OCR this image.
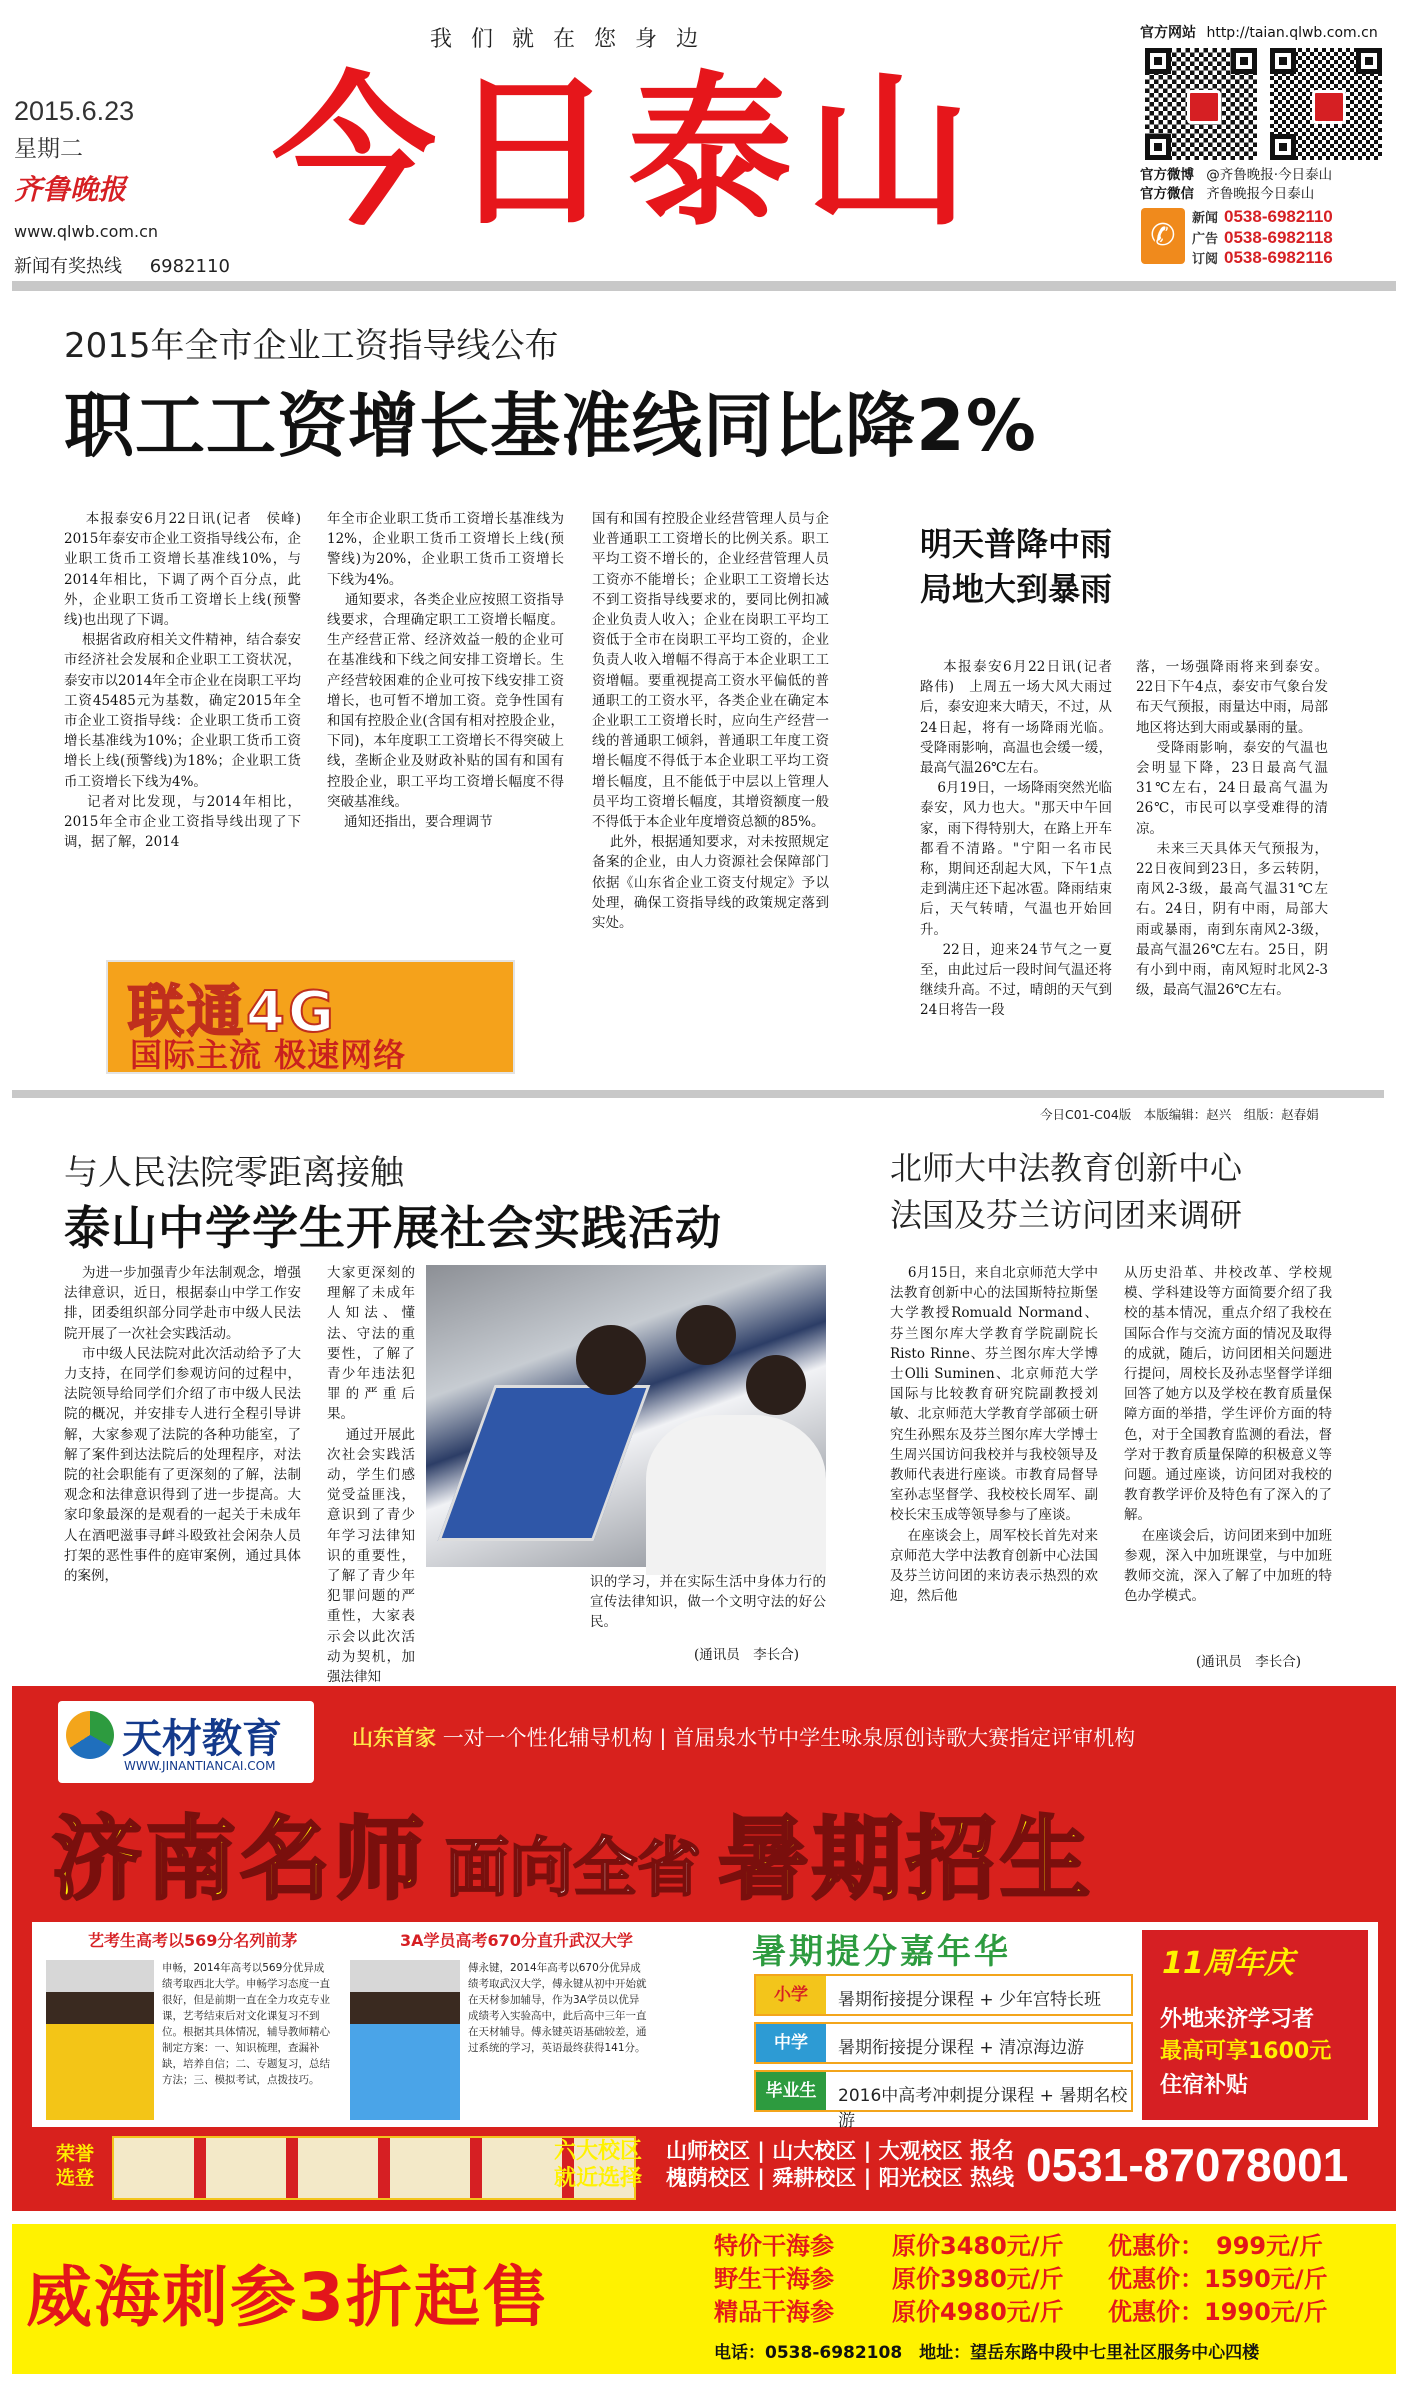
我 们 就 在 您 身 边
2015.6.23
星期二
齐鲁晚报
www.qlwb.com.cn
新闻有奖热线 6982110
今日泰山
官方网站 http://taian.qlwb.com.cn
官方微博 @齐鲁晚报·今日泰山
官方微信 齐鲁晚报今日泰山
✆
新闻 0538-6982110
广告 0538-6982118
订阅 0538-6982116
2015年全市企业工资指导线公布
职工工资增长基准线同比降2%
本报泰安6月22日讯(记者　侯峰)　2015年泰安市企业工资指导线公布，企业职工货币工资增长基准线10%，与2014年相比，下调了两个百分点，此外，企业职工货币工资增长上线(预警线)也出现了下调。
根据省政府相关文件精神，结合泰安市经济社会发展和企业职工工资状况，泰安市以2014年全市企业在岗职工平均工资45485元为基数，确定2015年全市企业工资指导线：企业职工货币工资增长基准线为10%；企业职工货币工资增长上线(预警线)为18%；企业职工货币工资增长下线为4%。
记者对比发现，与2014年相比，2015年全市企业工资指导线出现了下调，据了解，2014
年全市企业职工货币工资增长基准线为12%，企业职工货币工资增长上线(预警线)为20%，企业职工货币工资增长下线为4%。
通知要求，各类企业应按照工资指导线要求，合理确定职工工资增长幅度。生产经营正常、经济效益一般的企业可在基准线和下线之间安排工资增长。生产经营较困难的企业可按下线安排工资增长，也可暂不增加工资。竞争性国有和国有控股企业(含国有相对控股企业，下同)，本年度职工工资增长不得突破上线，垄断企业及财政补贴的国有和国有控股企业，职工平均工资增长幅度不得突破基准线。
通知还指出，要合理调节
国有和国有控股企业经营管理人员与企业普通职工工资增长的比例关系。职工平均工资不增长的，企业经营管理人员工资亦不能增长；企业职工工资增长达不到工资指导线要求的，要同比例扣减企业负责人收入；企业在岗职工平均工资低于全市在岗职工平均工资的，企业负责人收入增幅不得高于本企业职工工资增幅。要重视提高工资水平偏低的普通职工的工资水平，各类企业在确定本企业职工工资增长时，应向生产经营一线的普通职工倾斜，普通职工年度工资增长幅度不得低于本企业职工平均工资增长幅度，且不能低于中层以上管理人员平均工资增长幅度，其增资额度一般不得低于本企业年度增资总额的85%。
此外，根据通知要求，对未按照规定备案的企业，由人力资源社会保障部门依据《山东省企业工资支付规定》予以处理，确保工资指导线的政策规定落到实处。
联通4G
国际主流 极速网络
明天普降中雨
局地大到暴雨
本报泰安6月22日讯(记者　路伟)　上周五一场大风大雨过后，泰安迎来大晴天，不过，从24日起，将有一场降雨光临。受降雨影响，高温也会缓一缓，最高气温26℃左右。
6月19日，一场降雨突然光临泰安，风力也大。"那天中午回家，雨下得特别大，在路上开车都看不清路。"宁阳一名市民称，期间还刮起大风，下午1点走到满庄还下起冰雹。降雨结束后，天气转晴，气温也开始回升。
22日，迎来24节气之一夏至，由此过后一段时间气温还将继续升高。不过，晴朗的天气到24日将告一段
落，一场强降雨将来到泰安。22日下午4点，泰安市气象台发布天气预报，雨量达中雨，局部地区将达到大雨或暴雨的量。
受降雨影响，泰安的气温也会明显下降，23日最高气温31℃左右，24日最高气温为26℃，市民可以享受难得的清凉。
未来三天具体天气预报为，22日夜间到23日，多云转阴，南风2-3级，最高气温31℃左右。24日，阴有中雨，局部大雨或暴雨，南到东南风2-3级，最高气温26℃左右。25日，阴有小到中雨，南风短时北风2-3级，最高气温26℃左右。
今日C01-C04版　本版编辑：赵兴　组版：赵春娟
与人民法院零距离接触
泰山中学学生开展社会实践活动
为进一步加强青少年法制观念，增强法律意识，近日，根据泰山中学工作安排，团委组织部分同学赴市中级人民法院开展了一次社会实践活动。
市中级人民法院对此次活动给予了大力支持，在同学们参观访问的过程中，法院领导给同学们介绍了市中级人民法院的概况，并安排专人进行全程引导讲解，大家参观了法院的各种功能室，了解了案件到达法院后的处理程序，对法院的社会职能有了更深刻的了解，法制观念和法律意识得到了进一步提高。大家印象最深的是观看的一起关于未成年人在酒吧滋事寻衅斗殴致社会闲杂人员打架的恶性事件的庭审案例，通过具体的案例，
大家更深刻的理解了未成年人知法、懂法、守法的重要性，了解了青少年违法犯罪的严重后果。
通过开展此次社会实践活动，学生们感觉受益匪浅，意识到了青少年学习法律知识的重要性，了解了青少年犯罪问题的严重性，大家表示会以此次活动为契机，加强法律知
识的学习，并在实际生活中身体力行的宣传法律知识，做一个文明守法的好公民。
(通讯员　李长合)
北师大中法教育创新中心
法国及芬兰访问团来调研
6月15日，来自北京师范大学中法教育创新中心的法国斯特拉斯堡大学教授Romuald Normand、芬兰图尔库大学教育学院副院长Risto Rinne、芬兰图尔库大学博士Olli Suminen、北京师范大学国际与比较教育研究院副教授刘敏、北京师范大学教育学部硕士研究生孙熙东及芬兰图尔库大学博士生周兴国访问我校并与我校领导及教师代表进行座谈。市教育局督导室孙志坚督学、我校校长周军、副校长宋玉成等领导参与了座谈。
在座谈会上，周军校长首先对来京师范大学中法教育创新中心法国及芬兰访问团的来访表示热烈的欢迎，然后他
从历史沿革、井校改革、学校规模、学科建设等方面简要介绍了我校的基本情况，重点介绍了我校在国际合作与交流方面的情况及取得的成就，随后，访问团相关问题进行提问，周校长及孙志坚督学详细回答了她方以及学校在教育质量保障方面的举措，学生评价方面的特色，对于全国教育监测的看法，督学对于教育质量保障的积极意义等问题。通过座谈，访问团对我校的教育教学评价及特色有了深入的了解。
在座谈会后，访问团来到中加班参观，深入中加班课堂，与中加班教师交流，深入了解了中加班的特色办学模式。
(通讯员　李长合)
天材教育
WWW.JINANTIANCAI.COM
山东首家 一对一个性化辅导机构 | 首届泉水节中学生咏泉原创诗歌大赛指定评审机构
济南名师 面向全省 暑期招生
艺考生高考以569分名列前茅
申畅，2014年高考以569分优异成绩考取西北大学。申畅学习态度一直很好，但是前期一直在全力攻克专业课，艺考结束后对文化课复习不到位。根据其具体情况，辅导教师精心制定方案：一、知识梳理，查漏补缺，培养自信；二、专题复习，总结方法；三、模拟考试，点拨技巧。
3A学员高考670分直升武汉大学
傅永键，2014年高考以670分优异成绩考取武汉大学，傅永键从初中开始就在天材参加辅导，作为3A学员以优异成绩考入实验高中，此后高中三年一直在天材辅导。傅永键英语基础较差，通过系统的学习，英语最终获得141分。
暑期提分嘉年华
小学	暑期衔接提分课程 + 少年宫特长班
中学	暑期衔接提分课程 + 清凉海边游
毕业生	2016中高考冲刺提分课程 + 暑期名校游
11周年庆
外地来济学习者
最高可享1600元
住宿补贴
荣誉选登
六大校区
就近选择
山师校区 | 山大校区 | 大观校区
槐荫校区 | 舜耕校区 | 阳光校区
报名
热线 0531-87078001
威海刺参3折起售
特价干海参 原价3480元/斤 优惠价：　999元/斤
野生干海参 原价3980元/斤 优惠价：1590元/斤
精品干海参 原价4980元/斤 优惠价：1990元/斤
电话：0538-6982108　地址：望岳东路中段中七里社区服务中心四楼
